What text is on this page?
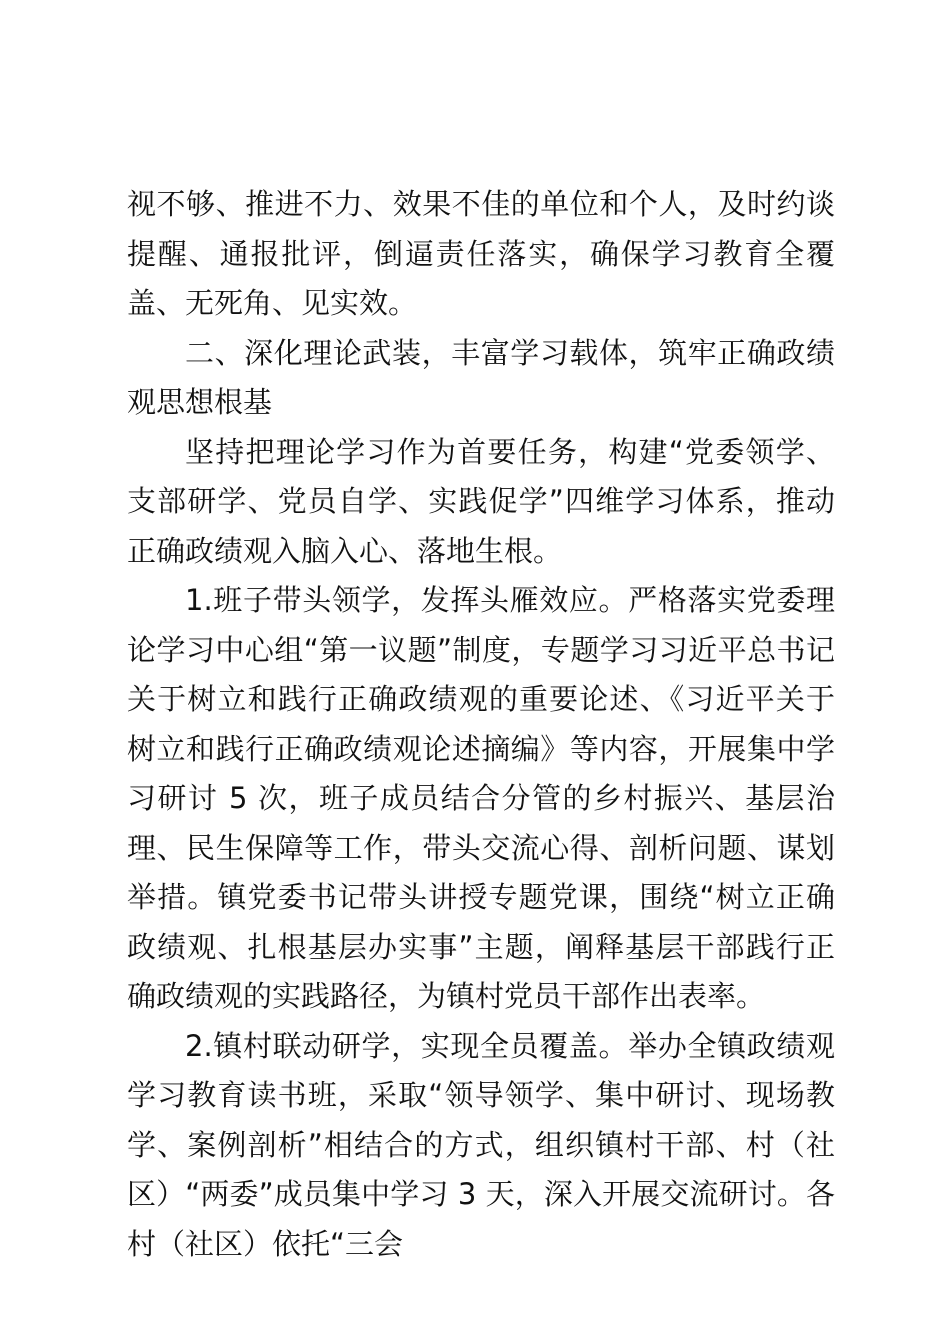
视不够、推进不力、效果不佳的单位和个人，及时约谈提醒、通报批评，倒逼责任落实，确保学习教育全覆盖、无死角、见实效。

二、深化理论武装，丰富学习载体，筑牢正确政绩观思想根基

坚持把理论学习作为首要任务，构建“党委领学、支部研学、党员自学、实践促学”四维学习体系，推动正确政绩观入脑入心、落地生根。

1.班子带头领学，发挥头雁效应。严格落实党委理论学习中心组“第一议题”制度，专题学习习近平总书记关于树立和践行正确政绩观的重要论述、《习近平关于树立和践行正确政绩观论述摘编》等内容，开展集中学习研讨 5 次，班子成员结合分管的乡村振兴、基层治理、民生保障等工作，带头交流心得、剖析问题、谋划举措。镇党委书记带头讲授专题党课，围绕“树立正确政绩观、扎根基层办实事”主题，阐释基层干部践行正确政绩观的实践路径，为镇村党员干部作出表率。

2.镇村联动研学，实现全员覆盖。举办全镇政绩观学习教育读书班，采取“领导领学、集中研讨、现场教学、案例剖析”相结合的方式，组织镇村干部、村（社区）“两委”成员集中学习 3 天，深入开展交流研讨。各村（社区）依托“三会
